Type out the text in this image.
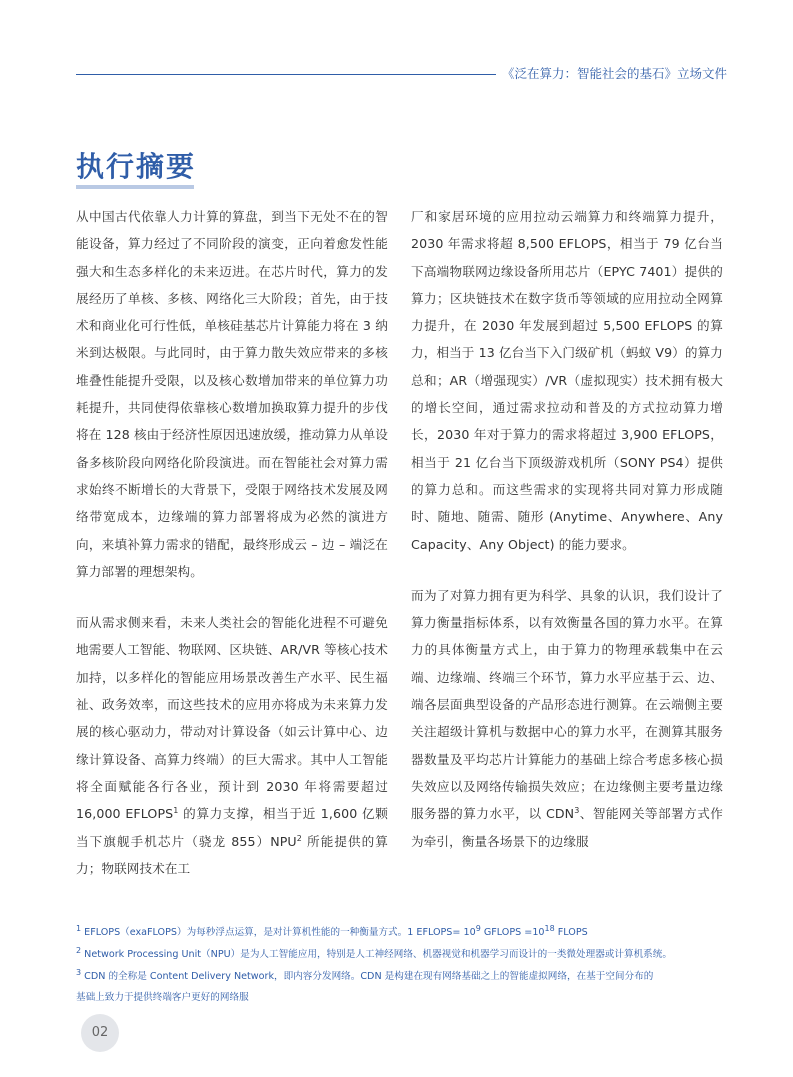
《泛在算力：智能社会的基石》立场文件
执行摘要

从中国古代依靠人力计算的算盘，到当下无处不在的智能设备，算力经过了不同阶段的演变，正向着愈发性能强大和生态多样化的未来迈进。在芯片时代，算力的发展经历了单核、多核、网络化三大阶段；首先，由于技术和商业化可行性低，单核硅基芯片计算能力将在 3 纳米到达极限。与此同时，由于算力散失效应带来的多核堆叠性能提升受限，以及核心数增加带来的单位算力功耗提升，共同使得依靠核心数增加换取算力提升的步伐将在 128 核由于经济性原因迅速放缓，推动算力从单设备多核阶段向网络化阶段演进。而在智能社会对算力需求始终不断增长的大背景下，受限于网络技术发展及网络带宽成本，边缘端的算力部署将成为必然的演进方向，来填补算力需求的错配，最终形成云 – 边 – 端泛在算力部署的理想架构。

而从需求侧来看，未来人类社会的智能化进程不可避免地需要人工智能、物联网、区块链、AR/VR 等核心技术加持，以多样化的智能应用场景改善生产水平、民生福祉、政务效率，而这些技术的应用亦将成为未来算力发展的核心驱动力，带动对计算设备（如云计算中心、边缘计算设备、高算力终端）的巨大需求。其中人工智能将全面赋能各行各业，预计到 2030 年将需要超过 16,000 EFLOPS$^1$ 的算力支撑，相当于近 1,600 亿颗当下旗舰手机芯片（骁龙 855）NPU$^2$ 所能提供的算力；物联网技术在工

厂和家居环境的应用拉动云端算力和终端算力提升，2030 年需求将超 8,500 EFLOPS，相当于 79 亿台当下高端物联网边缘设备所用芯片（EPYC 7401）提供的算力；区块链技术在数字货币等领域的应用拉动全网算力提升，在 2030 年发展到超过 5,500 EFLOPS 的算力，相当于 13 亿台当下入门级矿机（蚂蚁 V9）的算力总和；AR（增强现实）/VR（虚拟现实）技术拥有极大的增长空间，通过需求拉动和普及的方式拉动算力增长，2030 年对于算力的需求将超过 3,900 EFLOPS，相当于 21 亿台当下顶级游戏机所（SONY PS4）提供的算力总和。而这些需求的实现将共同对算力形成随时、随地、随需、随形 (Anytime、Anywhere、Any Capacity、Any Object) 的能力要求。

而为了对算力拥有更为科学、具象的认识，我们设计了算力衡量指标体系，以有效衡量各国的算力水平。在算力的具体衡量方式上，由于算力的物理承载集中在云端、边缘端、终端三个环节，算力水平应基于云、边、端各层面典型设备的产品形态进行测算。在云端侧主要关注超级计算机与数据中心的算力水平，在测算其服务器数量及平均芯片计算能力的基础上综合考虑多核心损失效应以及网络传输损失效应；在边缘侧主要考量边缘服务器的算力水平，以 CDN$^3$、智能网关等部署方式作为牵引，衡量各场景下的边缘服

$^1$ EFLOPS（exaFLOPS）为每秒浮点运算，是对计算机性能的一种衡量方式。1 EFLOPS= $10^9$ GFLOPS $=10^{18}$ FLOPS

$^2$ Network Processing Unit（NPU）是为人工智能应用，特别是人工神经网络、机器视觉和机器学习而设计的一类微处理器或计算机系统。

$^3$ CDN 的全称是 Content Delivery Network，即内容分发网络。CDN 是构建在现有网络基础之上的智能虚拟网络，在基于空间分布的

基础上致力于提供终端客户更好的网络服

02
